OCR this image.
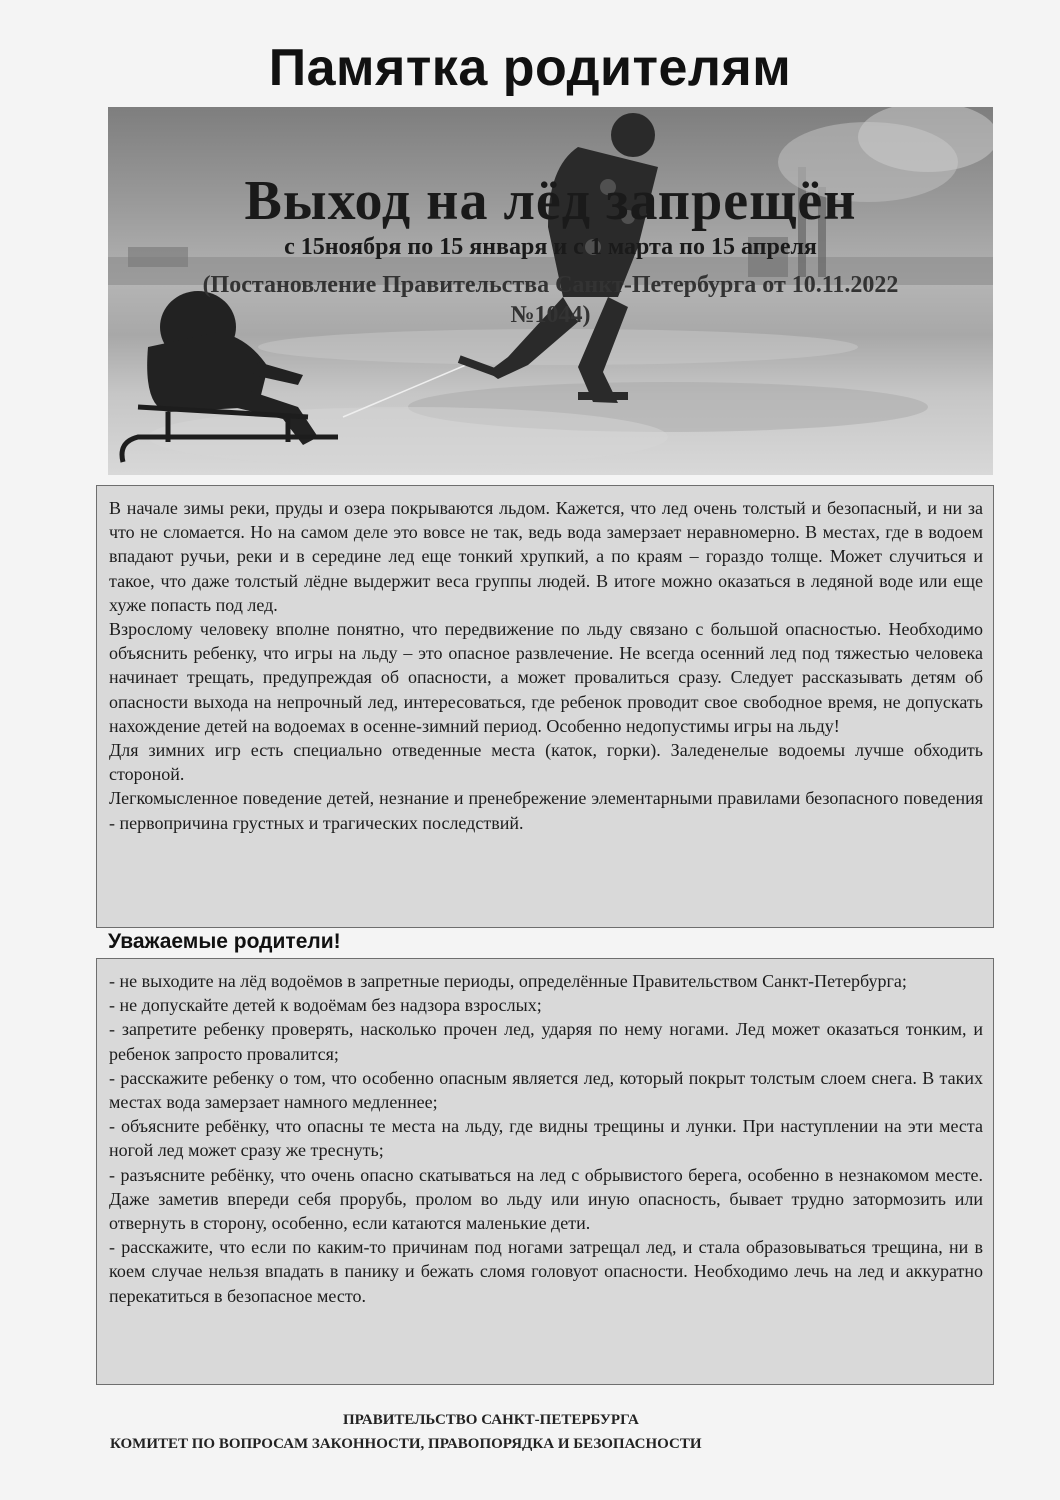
Памятка родителям
Выход на лёд запрещён
с 15ноября по 15 января и с 1 марта по 15 апреля
(Постановление Правительства Санкт-Петербурга от 10.11.2022 №1044)

В начале зимы реки, пруды и озера покрываются льдом. Кажется, что лед очень толстый и безопасный, и ни за что не сломается. Но на самом деле это вовсе не так, ведь вода замерзает неравномерно. В местах, где в водоем впадают ручьи, реки и в середине лед еще тонкий хрупкий, а по краям – гораздо толще. Может случиться и такое, что даже толстый лёдне выдержит веса группы людей. В итоге можно оказаться в ледяной воде или еще хуже попасть под лед.

Взрослому человеку вполне понятно, что передвижение по льду связано с большой опасностью. Необходимо объяснить ребенку, что игры на льду – это опасное развлечение. Не всегда осенний лед под тяжестью человека начинает трещать, предупреждая об опасности, а может провалиться сразу. Следует рассказывать детям об опасности выхода на непрочный лед, интересоваться, где ребенок проводит свое свободное время, не допускать нахождение детей на водоемах в осенне-зимний период. Особенно недопустимы игры на льду!

Для зимних игр есть специально отведенные места (каток, горки). Заледенелые водоемы лучше обходить стороной.

Легкомысленное поведение детей, незнание и пренебрежение элементарными правилами безопасного поведения - первопричина грустных и трагических последствий.

Уважаемые родители!

- не выходите на лёд водоёмов в запретные периоды, определённые Правительством Санкт-Петербурга;

- не допускайте детей к водоёмам без надзора взрослых;

- запретите ребенку проверять, насколько прочен лед, ударяя по нему ногами. Лед может оказаться тонким, и ребенок запросто провалится;

- расскажите ребенку о том, что особенно опасным является лед, который покрыт толстым слоем снега. В таких местах вода замерзает намного медленнее;

- объясните ребёнку, что опасны те места на льду, где видны трещины и лунки. При наступлении на эти места ногой лед может сразу же треснуть;

- разъясните ребёнку, что очень опасно скатываться на лед с обрывистого берега, особенно в незнакомом месте. Даже заметив впереди себя прорубь, пролом во льду или иную опасность, бывает трудно затормозить или отвернуть в сторону, особенно, если катаются маленькие дети.

- расскажите, что если по каким-то причинам под ногами затрещал лед, и стала образовываться трещина, ни в коем случае нельзя впадать в панику и бежать сломя головуот опасности. Необходимо лечь на лед и аккуратно перекатиться в безопасное место.

ПРАВИТЕЛЬСТВО САНКТ-ПЕТЕРБУРГА
КОМИТЕТ ПО ВОПРОСАМ ЗАКОННОСТИ, ПРАВОПОРЯДКА И БЕЗОПАСНОСТИ
